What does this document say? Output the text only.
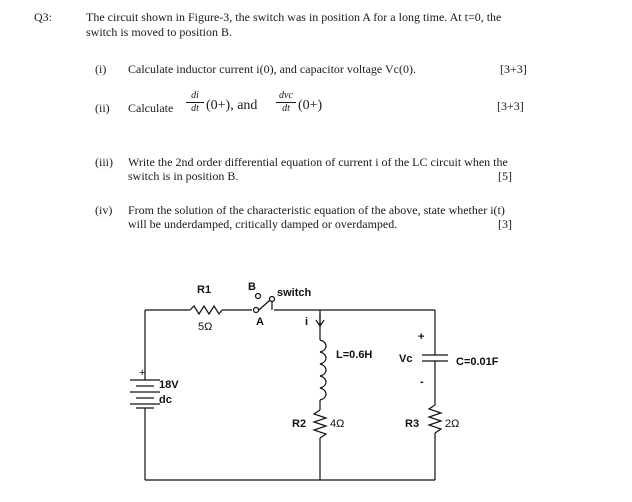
Q3:	The circuit shown in Figure-3, the switch was in position A for a long time. At t=0, the
switch is moved to position B.
(i) Calculate inductor current i(0), and capacitor voltage Vc(0).	[3+3]
(ii) Calculate $\frac{di}{dt} (0+)$, and
dvc
dt (0+)	[3+3]
(iii) Write the 2nd order differential equation of current i of the LC circuit when the
switch is in position B.	[5]
(iv) From the solution of the characteristic equation of the above, state whether i(t)
will be underdamped, critically damped or overdamped.	[3]
R1
5Ω
B
A
switch
i
L=0.6H
R2 4Ω
Vc
+
-
C=0.01F
R3 2Ω
18V
dc
+
